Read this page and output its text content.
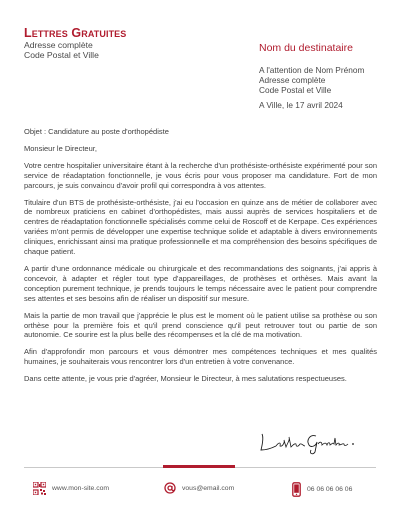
Lettres Gratuites
Adresse complète
Code Postal et Ville
Nom du destinataire
A l'attention de Nom Prénom
Adresse complète
Code Postal et Ville
A Ville, le 17 avril 2024

Objet : Candidature au poste d'orthopédiste

Monsieur le Directeur,

Votre centre hospitalier universitaire étant à la recherche d'un prothésiste-orthésiste expérimenté pour son service de réadaptation fonctionnelle, je vous écris pour vous proposer ma candidature. Fort de mon parcours, je suis convaincu d'avoir profil qui correspondra à vos attentes.

Titulaire d'un BTS de prothésiste-orthésiste, j'ai eu l'occasion en quinze ans de métier de collaborer avec de nombreux praticiens en cabinet d'orthopédistes, mais aussi auprès de services hospitaliers et de centres de réadaptation fonctionnelle spécialisés comme celui de Roscoff et de Kerpape. Ces expériences variées m'ont permis de développer une expertise technique solide et adaptable à divers environnements cliniques, enrichissant ainsi ma pratique professionnelle et ma compréhension des besoins spécifiques de chaque patient.

A partir d'une ordonnance médicale ou chirurgicale et des recommandations des soignants, j'ai appris à concevoir, à adapter et régler tout type d'appareillages, de prothèses et orthèses. Mais avant la conception purement technique, je prends toujours le temps nécessaire avec le patient pour comprendre ses attentes et ses besoins afin de réaliser un dispositif sur mesure.

Mais la partie de mon travail que j'apprécie le plus est le moment où le patient utilise sa prothèse ou son orthèse pour la première fois et qu'il prend conscience qu'il peut retrouver tout ou partie de son autonomie. Ce sourire est la plus belle des récompenses et la clé de ma motivation.

Afin d'approfondir mon parcours et vous démontrer mes compétences techniques et mes qualités humaines, je souhaiterais vous rencontrer lors d'un entretien à votre convenance.

Dans cette attente, je vous prie d'agréer, Monsieur le Directeur, à mes salutations respectueuses.

www.mon-site.com	vous@email.com	06 06 06 06 06
